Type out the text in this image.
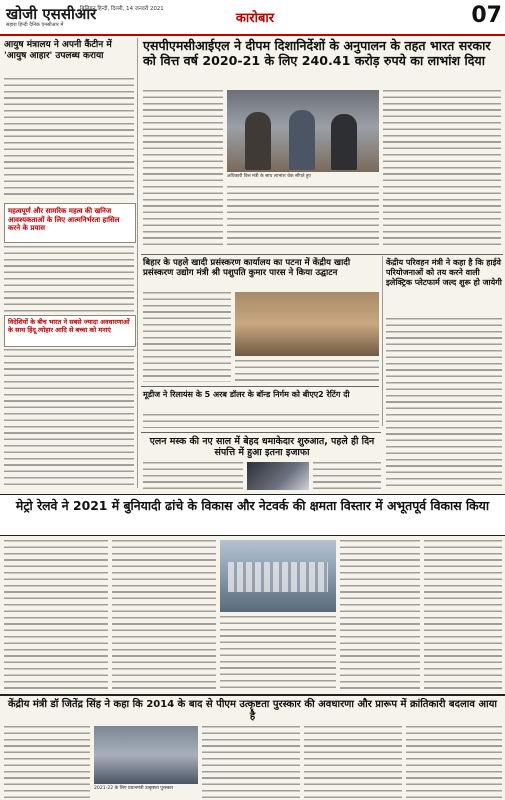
खोजी एससीआर
सहारा हिन्दी दैनिक एनसीआर में
बिलियन हिन्दी, दिल्ली, 14 जनवरी 2021
कारोबार	07
आयुष मंत्रालय ने अपनी कैंटीन में 'आयुष आहार' उपलब्ध कराया
महत्वपूर्ण और सामरिक महत्व की खनिज आवश्यकताओं के लिए आत्मनिर्भरता हासिल करने के प्रयास
विदेशियों के बीच भारत ने सबसे ज्यादा अवधारणाओं के साथ हिंदू त्योहार आदि से बच्चा को मनाएं
एसपीएमसीआईएल ने दीपम दिशानिर्देशों के अनुपालन के तहत भारत सरकार को वित्त वर्ष 2020-21 के लिए 240.41 करोड़ रुपये का लाभांश दिया
अधिकारी वित्त मंत्री के साथ लाभांश चेक सौंपते हुए
बिहार के पहले खादी प्रसंस्करण कार्यालय का पटना में केंद्रीय खादी प्रसंस्करण उद्योग मंत्री श्री पशुपति कुमार पारस ने किया उद्घाटन
केंद्रीय परिवहन मंत्री ने कहा है कि हाईवे परियोजनाओं को तय करने वाली इलेक्ट्रिक प्लेटफार्म जल्द शुरू हो जायेगी
मूडीज ने रिलायंस के 5 अरब डॉलर के बॉन्ड निर्गम को बीएए2 रेटिंग दी
एलन मस्क की नए साल में बेहद धमाकेदार शुरुआत, पहले ही दिन संपत्ति में हुआ इतना इजाफा
मेट्रो रेलवे ने 2021 में बुनियादी ढांचे के विकास और नेटवर्क की क्षमता विस्तार में अभूतपूर्व विकास किया
केंद्रीय मंत्री डॉ जितेंद्र सिंह ने कहा कि 2014 के बाद से पीएम उत्कृष्टता पुरस्कार की अवधारणा और प्रारूप में क्रांतिकारी बदलाव आया है
2021-22 के लिए प्रधानमंत्री उत्कृष्टता पुरस्कार
